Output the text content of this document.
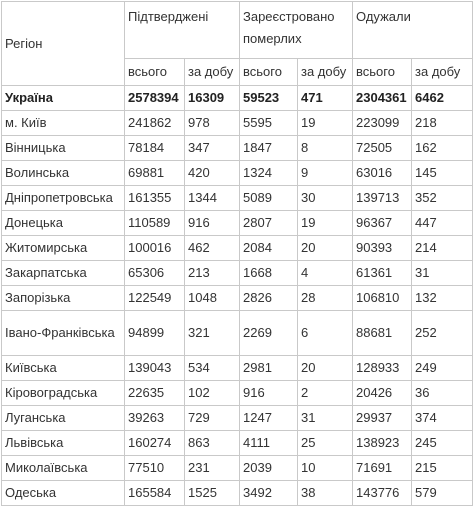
Регіон	Підтверджені		Зареєстровано померлих		Одужали	
	всього	за добу	всього	за добу	всього	за добу
Україна	2578394	16309	59523	471	2304361	6462
м. Київ	241862	978	5595	19	223099	218
Вінницька	78184	347	1847	8	72505	162
Волинська	69881	420	1324	9	63016	145
Дніпропетровська	161355	1344	5089	30	139713	352
Донецька	110589	916	2807	19	96367	447
Житомирська	100016	462	2084	20	90393	214
Закарпатська	65306	213	1668	4	61361	31
Запорізька	122549	1048	2826	28	106810	132
Івано-Франківська	94899	321	2269	6	88681	252
Київська	139043	534	2981	20	128933	249
Кіровоградська	22635	102	916	2	20426	36
Луганська	39263	729	1247	31	29937	374
Львівська	160274	863	4111	25	138923	245
Миколаївська	77510	231	2039	10	71691	215
Одеська	165584	1525	3492	38	143776	579
